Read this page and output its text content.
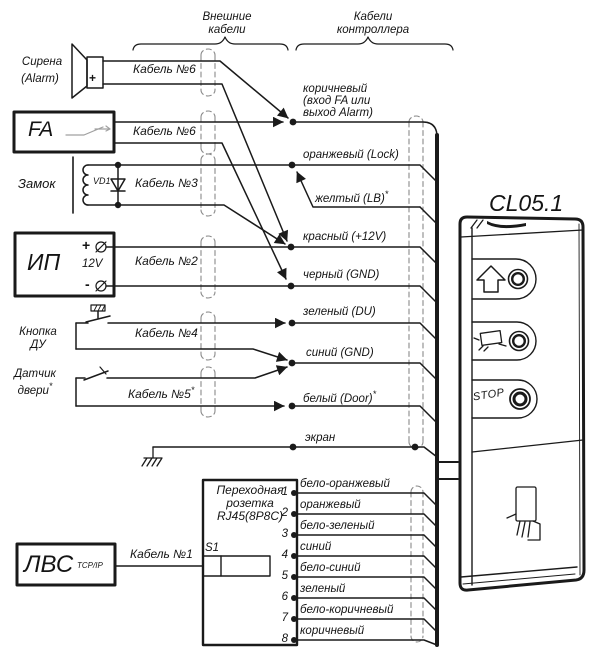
Внешние
кабели
Кабели
контроллера
Сирена
(Alarm)	+
FA
Замок	VD1
ИП 12V
+
-
Кнопка
ДУ
Датчик
двери*
ЛВС TCP/IP
Кабель №6
Кабель №6
Кабель №3
Кабель №2
Кабель №4
Кабель №5*
Кабель №1
коричневый
(вход FA или
выход Alarm)
оранжевый (Lock)
желтый (LB)*
красный (+12V)
черный (GND)
зеленый (DU)
синий (GND)
белый (Door)*
экран
Переходная
розетка
RJ45(8P8C)
S1
1
2
3
4
5
6
7
8
бело-оранжевый
оранжевый
бело-зеленый
синий
бело-синий
зеленый
бело-коричневый
коричневый
CL05.1
STOP
